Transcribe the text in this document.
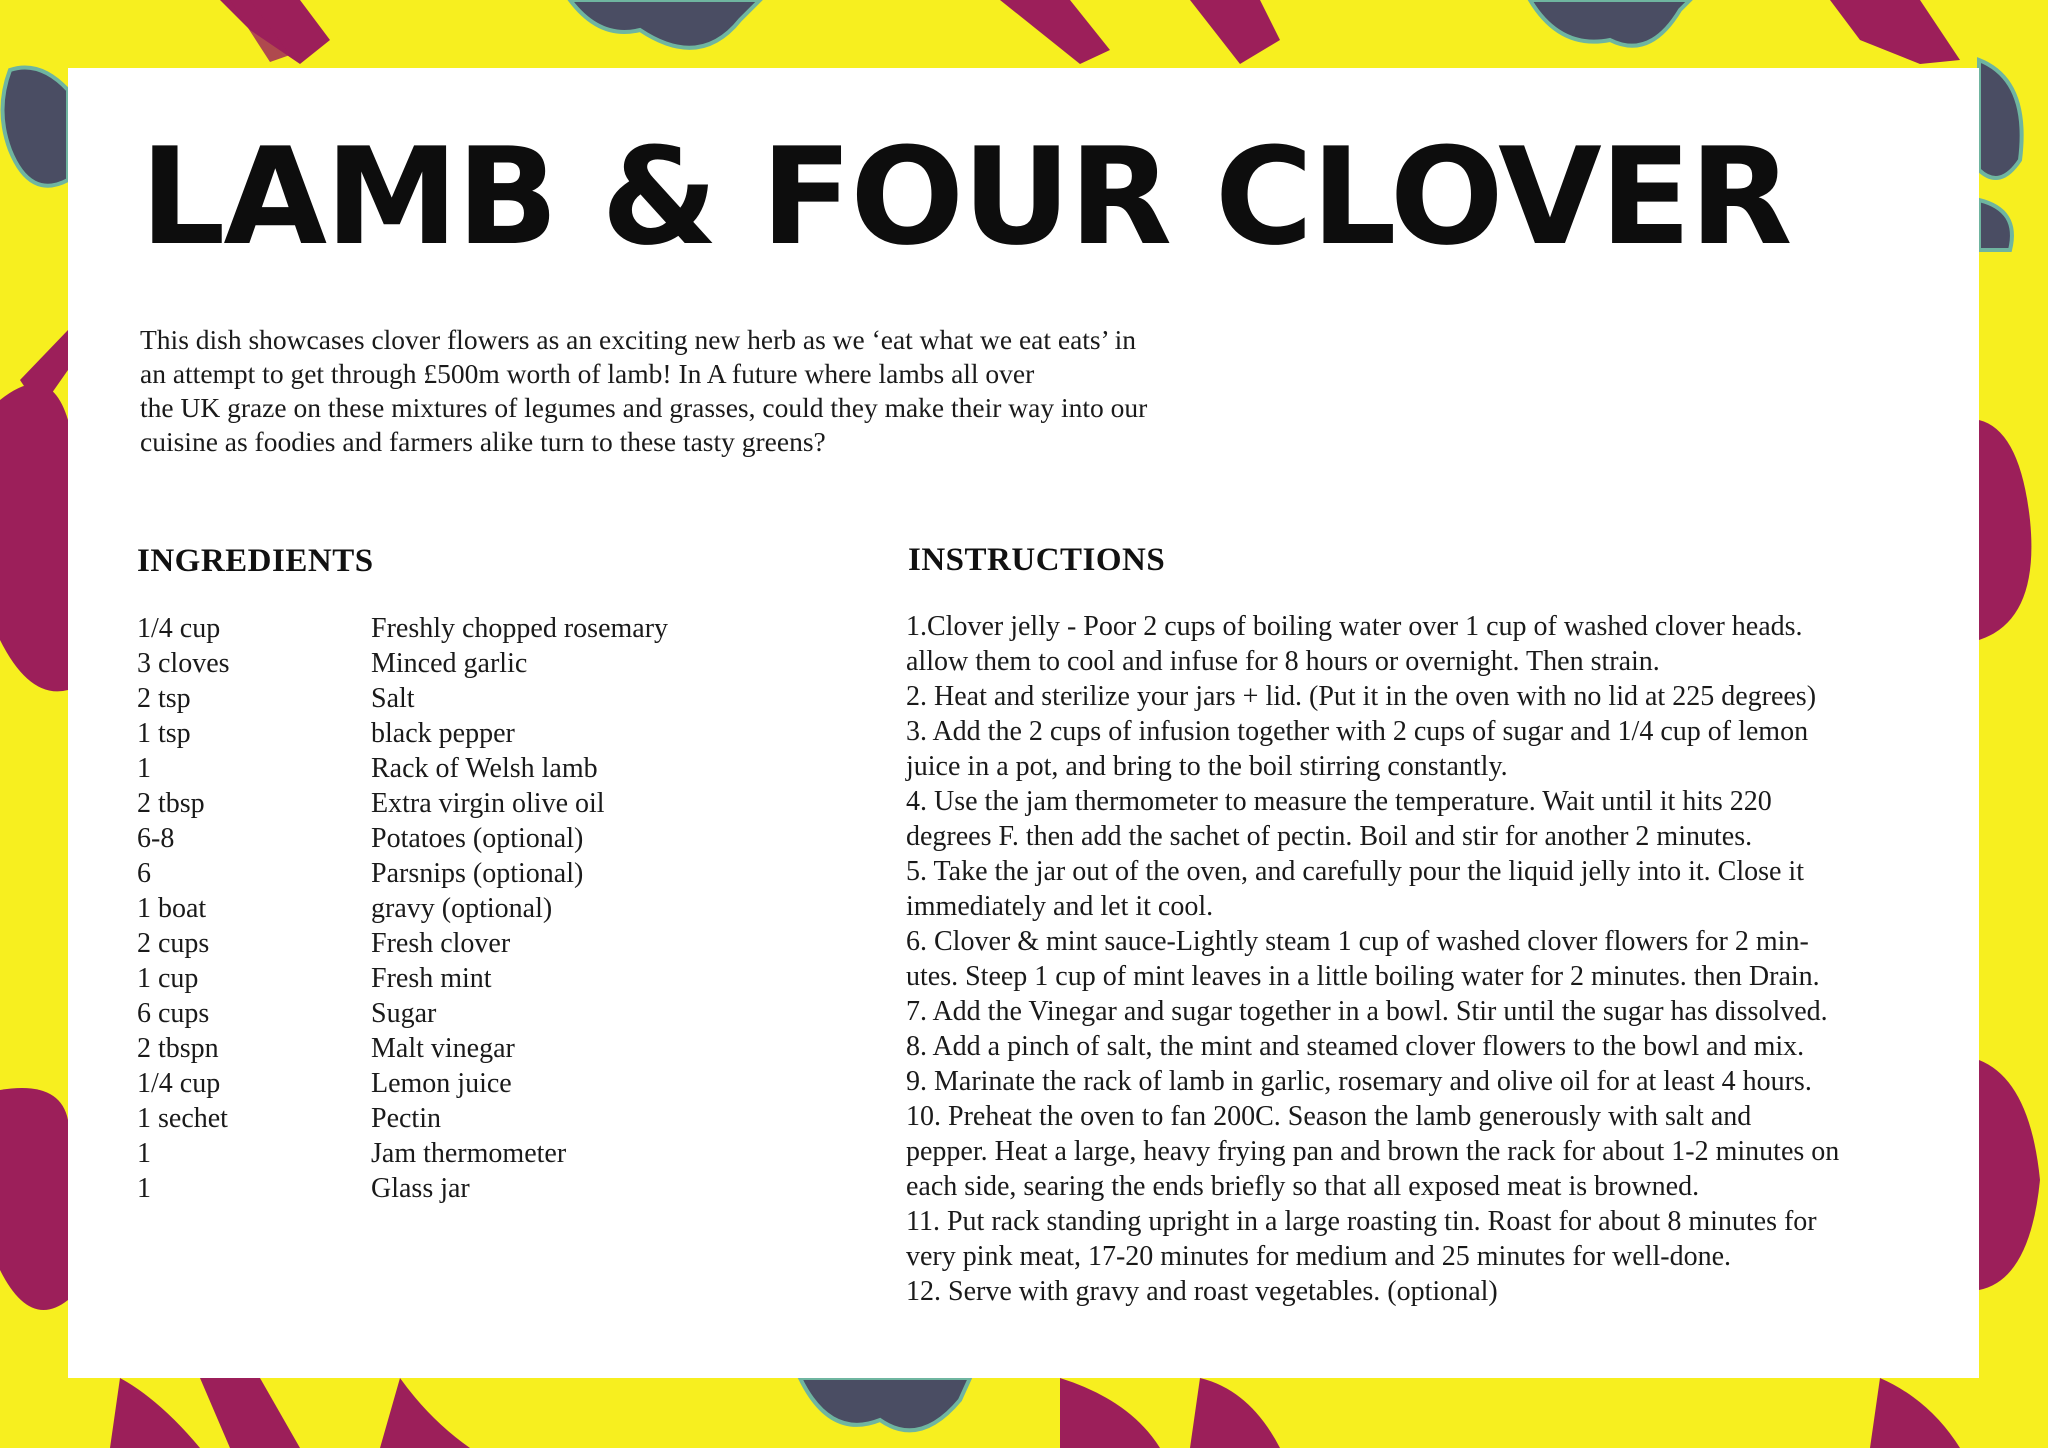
LAMB & FOUR CLOVER

This dish showcases clover flowers as an exciting new herb as we ‘eat what we eat eats’ in
an attempt to get through £500m worth of lamb! In A future where lambs all over
the UK graze on these mixtures of legumes and grasses, could they make their way into our
cuisine as foodies and farmers alike turn to these tasty greens?

INGREDIENTS
1/4 cup	Freshly chopped rosemary
3 cloves	Minced garlic
2 tsp	Salt
1 tsp	black pepper
1	Rack of Welsh lamb
2 tbsp	Extra virgin olive oil
6-8	Potatoes (optional)
6	Parsnips (optional)
1 boat	gravy (optional)
2 cups	Fresh clover
1 cup	Fresh mint
6 cups	Sugar
2 tbspn	Malt vinegar
1/4 cup	Lemon juice
1 sechet	Pectin
1	Jam thermometer
1	Glass jar
INSTRUCTIONS
1.Clover jelly - Poor 2 cups of boiling water over 1 cup of washed clover heads.
allow them to cool and infuse for 8 hours or overnight. Then strain.
2. Heat and sterilize your jars + lid. (Put it in the oven with no lid at 225 degrees)
3. Add the 2 cups of infusion together with 2 cups of sugar and 1/4 cup of lemon
juice in a pot, and bring to the boil stirring constantly.
4. Use the jam thermometer to measure the temperature. Wait until it hits 220
degrees F. then add the sachet of pectin. Boil and stir for another 2 minutes.
5. Take the jar out of the oven, and carefully pour the liquid jelly into it. Close it
immediately and let it cool.
6. Clover & mint sauce-Lightly steam 1 cup of washed clover flowers for 2 min-
utes. Steep 1 cup of mint leaves in a little boiling water for 2 minutes. then Drain.
7. Add the Vinegar and sugar together in a bowl. Stir until the sugar has dissolved.
8. Add a pinch of salt, the mint and steamed clover flowers to the bowl and mix.
9. Marinate the rack of lamb in garlic, rosemary and olive oil for at least 4 hours.
10. Preheat the oven to fan 200C. Season the lamb generously with salt and
pepper. Heat a large, heavy frying pan and brown the rack for about 1-2 minutes on
each side, searing the ends briefly so that all exposed meat is browned.
11. Put rack standing upright in a large roasting tin. Roast for about 8 minutes for
very pink meat, 17-20 minutes for medium and 25 minutes for well-done.
12. Serve with gravy and roast vegetables. (optional)
